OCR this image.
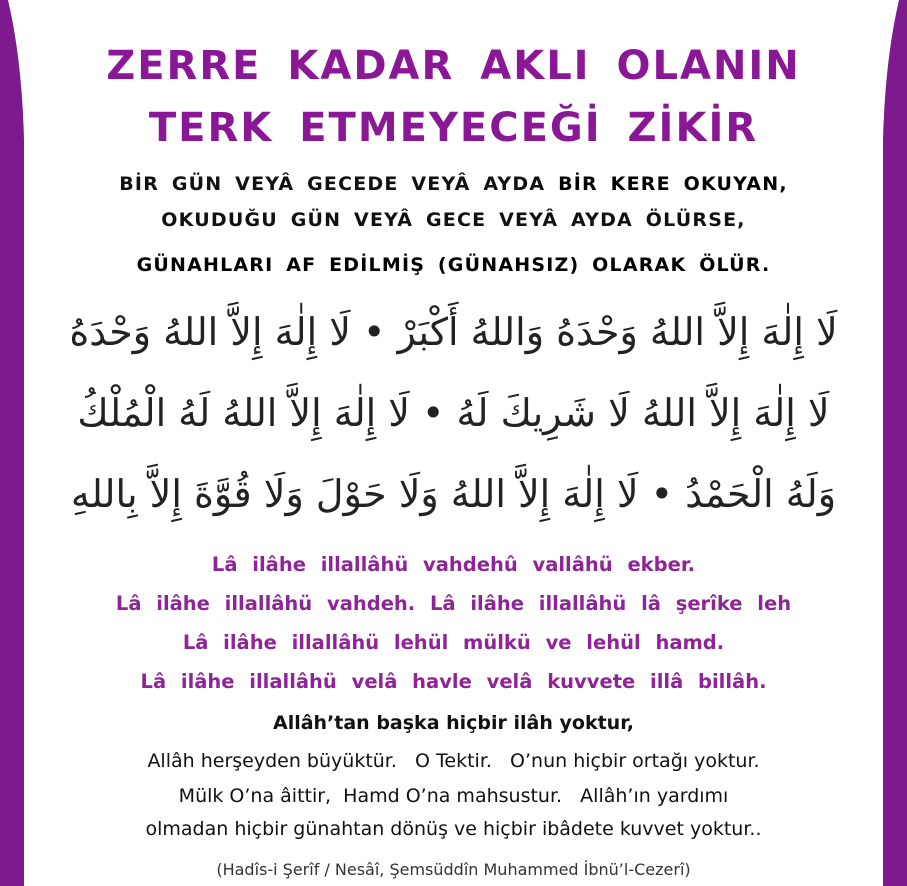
ZERRE KADAR AKLI OLANIN
TERK ETMEYECEĞİ ZİKİR

BİR GÜN VEYÂ GECEDE VEYÂ AYDA BİR KERE OKUYAN,

OKUDUĞU GÜN VEYÂ GECE VEYÂ AYDA ÖLÜRSE,

GÜNAHLARI AF EDİLMİŞ (GÜNAHSIZ) OLARAK ÖLÜR.

لَا إِلٰهَ إِلاَّ اللهُ وَحْدَهُ وَاللهُ أَكْبَرْ • لَا إِلٰهَ إِلاَّ اللهُ وَحْدَهُ

لَا إِلٰهَ إِلاَّ اللهُ لَا شَرِيكَ لَهُ • لَا إِلٰهَ إِلاَّ اللهُ لَهُ الْمُلْكُ

وَلَهُ الْحَمْدُ • لَا إِلٰهَ إِلاَّ اللهُ وَلَا حَوْلَ وَلَا قُوَّةَ إِلاَّ بِاللهِ

Lâ ilâhe illallâhü vahdehû vallâhü ekber.

Lâ ilâhe illallâhü vahdeh. Lâ ilâhe illallâhü lâ şerîke leh

Lâ ilâhe illallâhü lehül mülkü ve lehül hamd.

Lâ ilâhe illallâhü velâ havle velâ kuvvete illâ billâh.

Allâh’tan başka hiçbir ilâh yoktur,

Allâh herşeyden büyüktür.   O Tektir.   O’nun hiçbir ortağı yoktur.

Mülk O’na âittir,  Hamd O’na mahsustur.   Allâh’ın yardımı

olmadan hiçbir günahtan dönüş ve hiçbir ibâdete kuvvet yoktur..

(Hadîs-i Şerîf / Nesâî, Şemsüddîn Muhammed İbnü’l-Cezerî)
